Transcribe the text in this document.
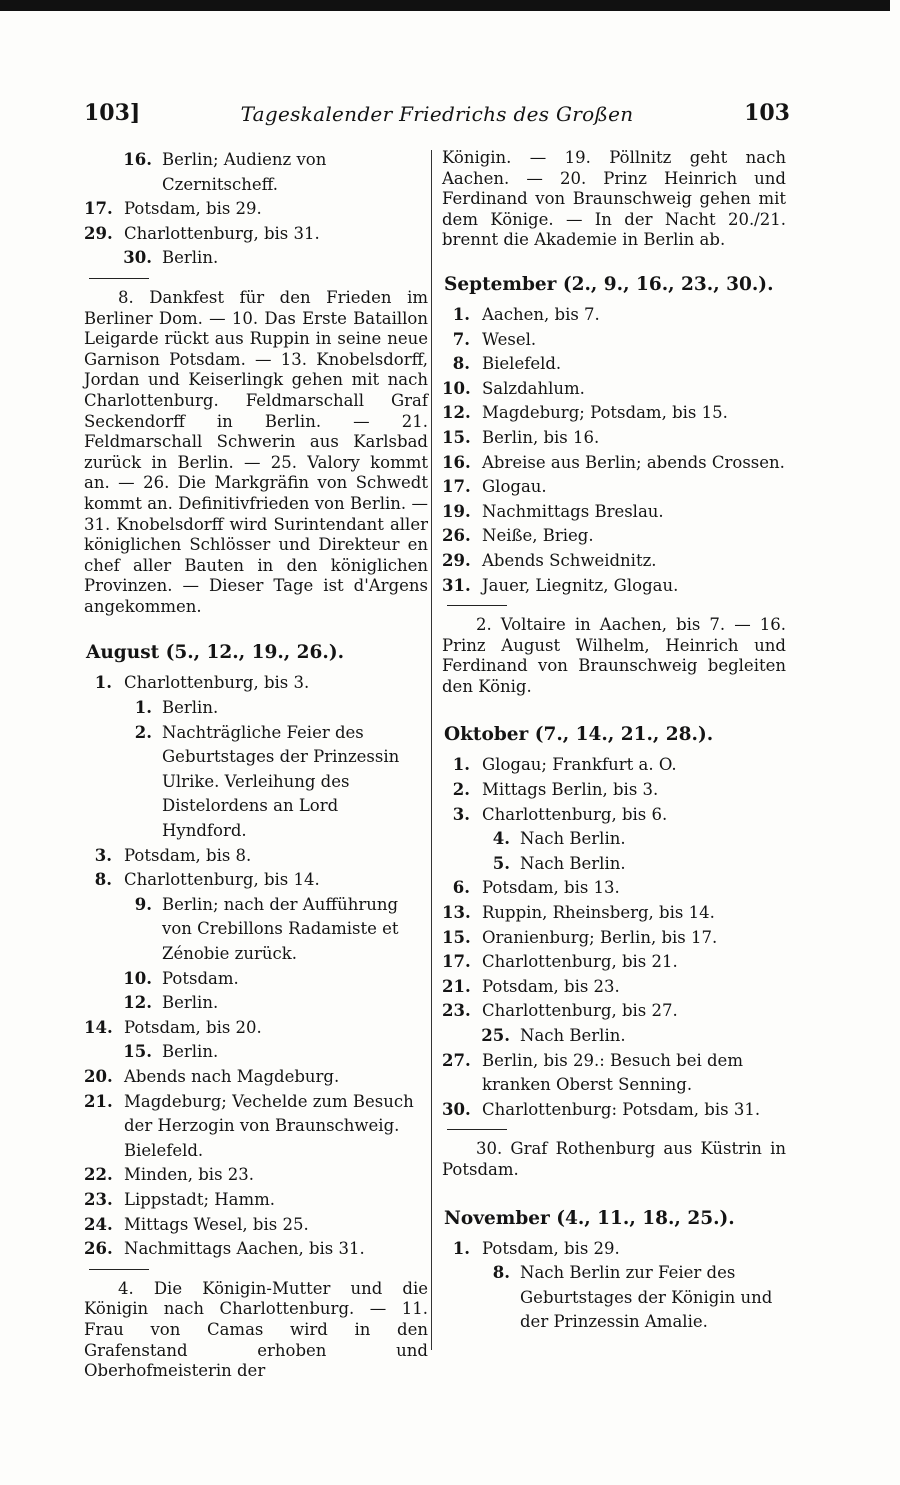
103]	Tageskalender Friedrichs des Großen	103
16. Berlin; Audienz von Czernitscheff.
17. Potsdam, bis 29.
29. Charlottenburg, bis 31.
30. Berlin.

8. Dankfest für den Frieden im Berliner Dom. — 10. Das Erste Bataillon Leigarde rückt aus Ruppin in seine neue Garnison Potsdam. — 13. Knobelsdorff, Jordan und Keiserlingk gehen mit nach Charlottenburg. Feldmarschall Graf Seckendorff in Berlin. — 21. Feldmarschall Schwerin aus Karlsbad zurück in Berlin. — 25. Valory kommt an. — 26. Die Markgräfin von Schwedt kommt an. Definitivfrieden von Berlin. — 31. Knobelsdorff wird Surintendant aller königlichen Schlösser und Direkteur en chef aller Bauten in den königlichen Provinzen. — Dieser Tage ist d'Argens angekommen.

August (5., 12., 19., 26.).
1. Charlottenburg, bis 3.
1. Berlin.
2. Nachträgliche Feier des Geburtstages der Prinzessin Ulrike. Verleihung des Distelordens an Lord Hyndford.
3. Potsdam, bis 8.
8. Charlottenburg, bis 14.
9. Berlin; nach der Aufführung von Crebillons Radamiste et Zénobie zurück.
10. Potsdam.
12. Berlin.
14. Potsdam, bis 20.
15. Berlin.
20. Abends nach Magdeburg.
21. Magdeburg; Vechelde zum Besuch der Herzogin von Braunschweig. Bielefeld.
22. Minden, bis 23.
23. Lippstadt; Hamm.
24. Mittags Wesel, bis 25.
26. Nachmittags Aachen, bis 31.

4. Die Königin-Mutter und die Königin nach Charlottenburg. — 11. Frau von Camas wird in den Grafenstand erhoben und Oberhofmeisterin der

Königin. — 19. Pöllnitz geht nach Aachen. — 20. Prinz Heinrich und Ferdinand von Braunschweig gehen mit dem Könige. — In der Nacht 20./21. brennt die Akademie in Berlin ab.

September (2., 9., 16., 23., 30.).
1. Aachen, bis 7.
7. Wesel.
8. Bielefeld.
10. Salzdahlum.
12. Magdeburg; Potsdam, bis 15.
15. Berlin, bis 16.
16. Abreise aus Berlin; abends Crossen.
17. Glogau.
19. Nachmittags Breslau.
26. Neiße, Brieg.
29. Abends Schweidnitz.
31. Jauer, Liegnitz, Glogau.

2. Voltaire in Aachen, bis 7. — 16. Prinz August Wilhelm, Heinrich und Ferdinand von Braunschweig begleiten den König.

Oktober (7., 14., 21., 28.).
1. Glogau; Frankfurt a. O.
2. Mittags Berlin, bis 3.
3. Charlottenburg, bis 6.
4. Nach Berlin.
5. Nach Berlin.
6. Potsdam, bis 13.
13. Ruppin, Rheinsberg, bis 14.
15. Oranienburg; Berlin, bis 17.
17. Charlottenburg, bis 21.
21. Potsdam, bis 23.
23. Charlottenburg, bis 27.
25. Nach Berlin.
27. Berlin, bis 29.: Besuch bei dem kranken Oberst Senning.
30. Charlottenburg: Potsdam, bis 31.

30. Graf Rothenburg aus Küstrin in Potsdam.

November (4., 11., 18., 25.).
1. Potsdam, bis 29.
8. Nach Berlin zur Feier des Geburtstages der Königin und der Prinzessin Amalie.
